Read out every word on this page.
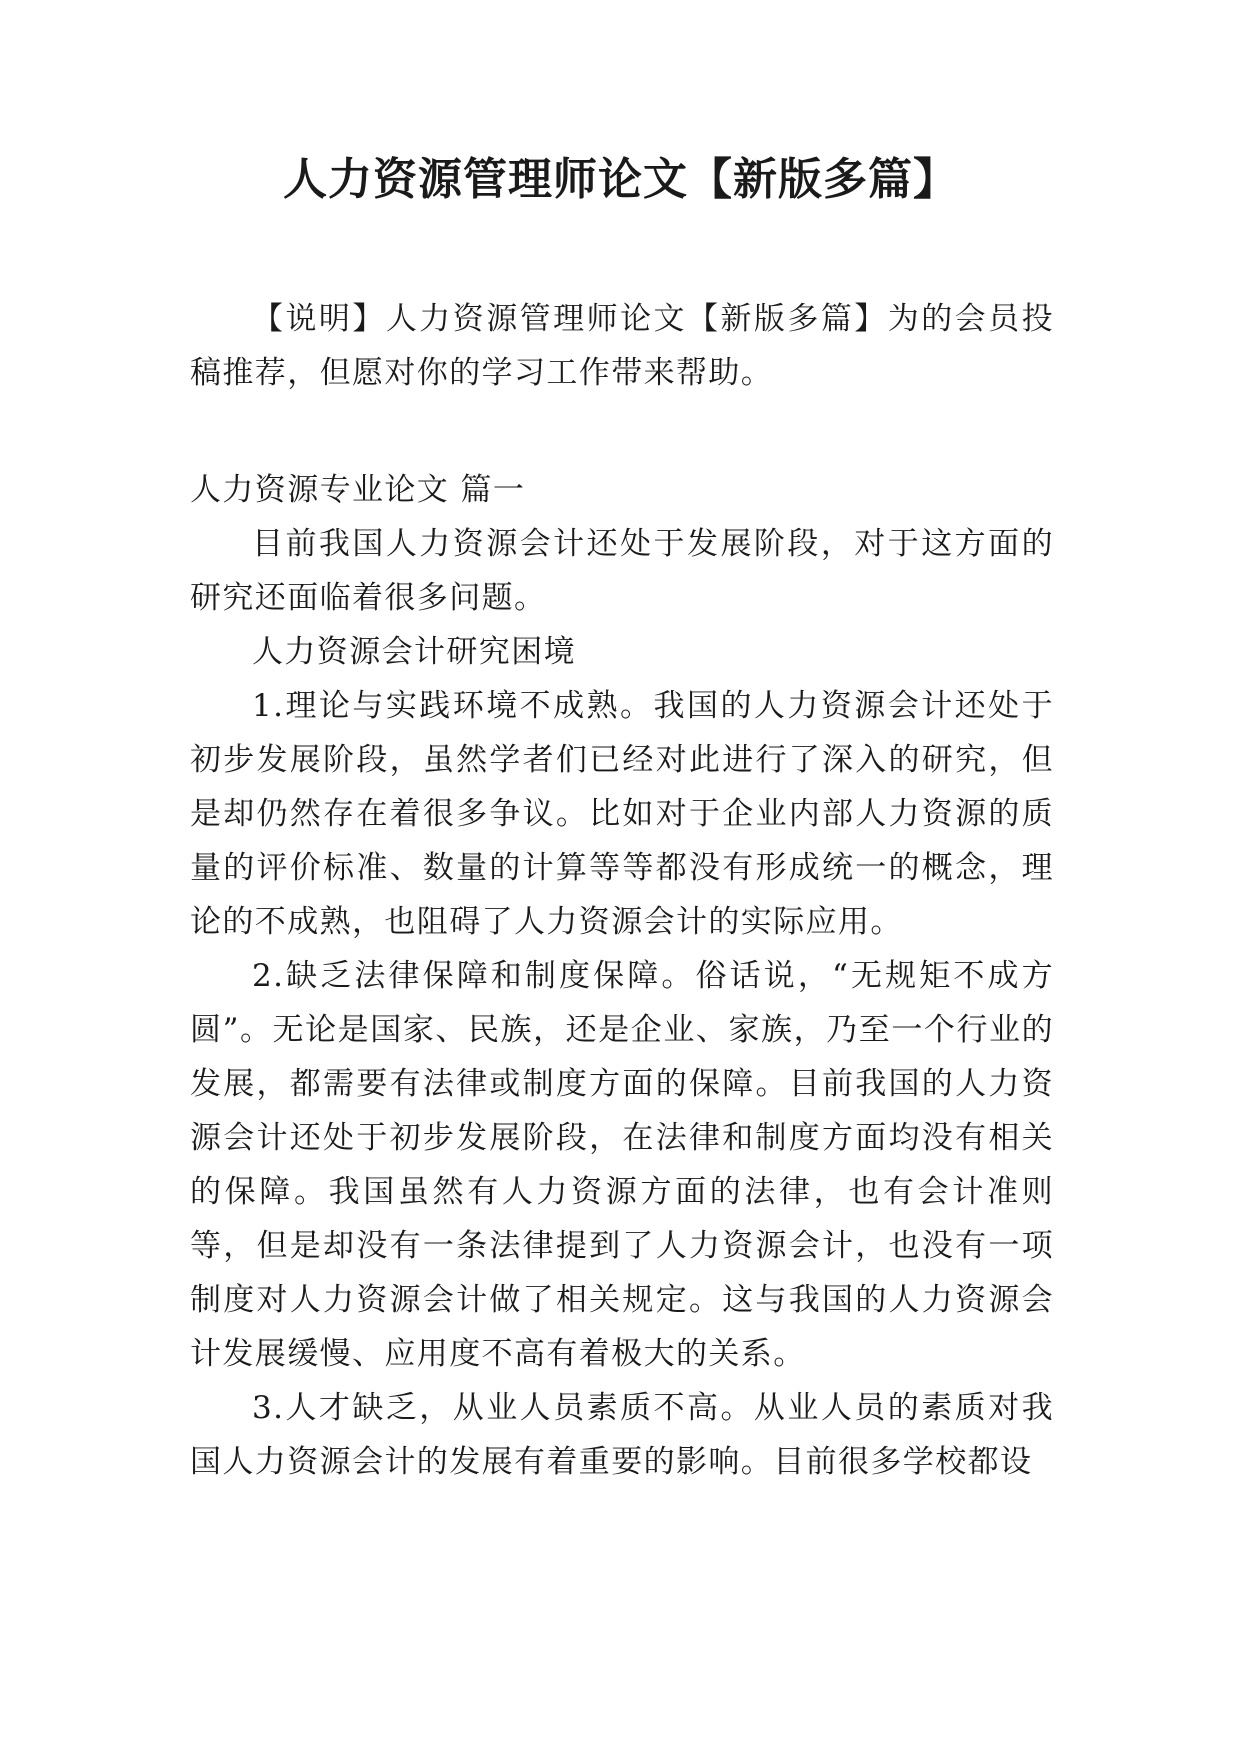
人力资源管理师论文【新版多篇】

【说明】人力资源管理师论文【新版多篇】为的会员投稿推荐，但愿对你的学习工作带来帮助。

人力资源专业论文 篇一

目前我国人力资源会计还处于发展阶段，对于这方面的研究还面临着很多问题。

人力资源会计研究困境

1.理论与实践环境不成熟。我国的人力资源会计还处于初步发展阶段，虽然学者们已经对此进行了深入的研究，但是却仍然存在着很多争议。比如对于企业内部人力资源的质量的评价标准、数量的计算等等都没有形成统一的概念，理论的不成熟，也阻碍了人力资源会计的实际应用。

2.缺乏法律保障和制度保障。俗话说，“无规矩不成方圆”。无论是国家、民族，还是企业、家族，乃至一个行业的发展，都需要有法律或制度方面的保障。目前我国的人力资源会计还处于初步发展阶段，在法律和制度方面均没有相关的保障。我国虽然有人力资源方面的法律，也有会计准则等，但是却没有一条法律提到了人力资源会计，也没有一项制度对人力资源会计做了相关规定。这与我国的人力资源会计发展缓慢、应用度不高有着极大的关系。

3.人才缺乏，从业人员素质不高。从业人员的素质对我国人力资源会计的发展有着重要的影响。目前很多学校都设
